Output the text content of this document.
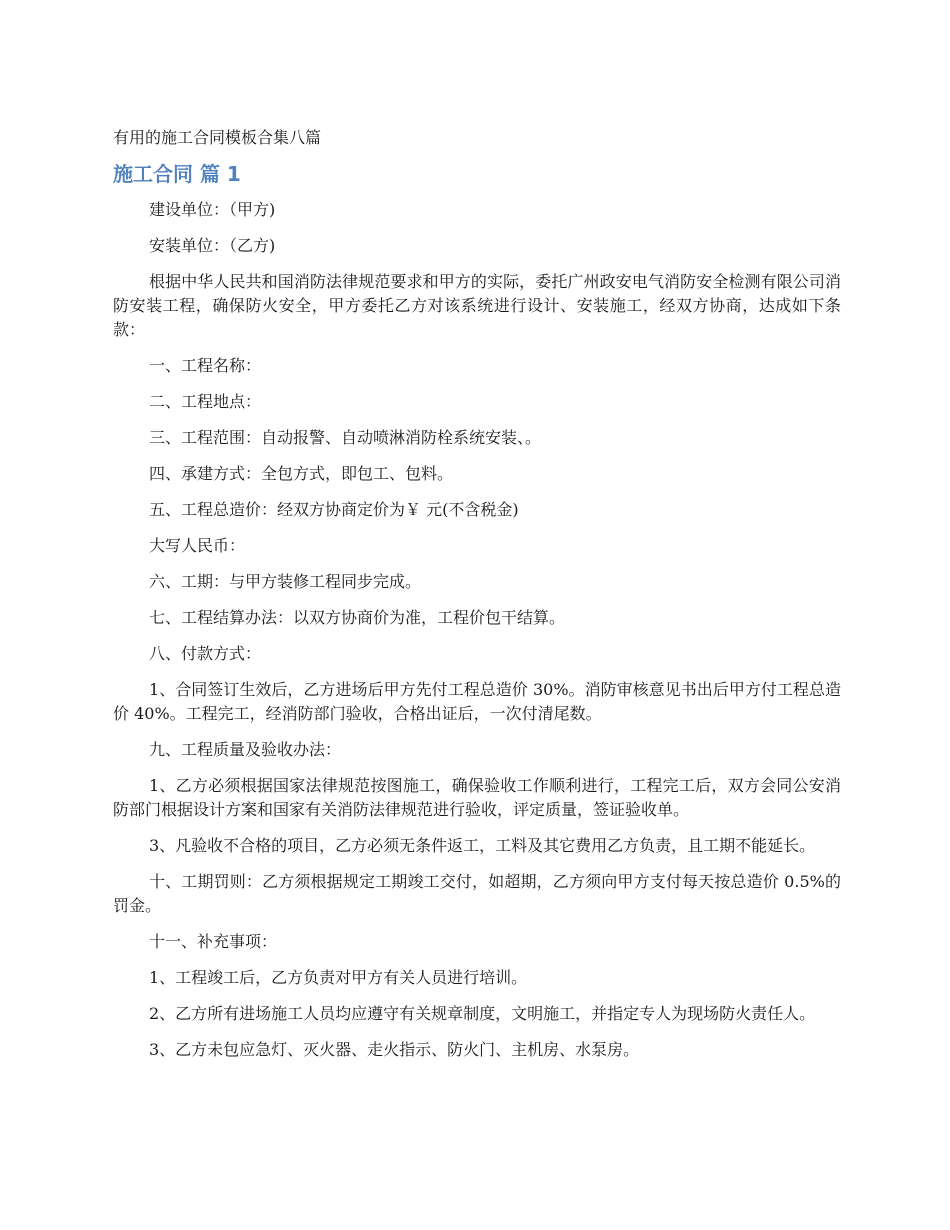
有用的施工合同模板合集八篇
施工合同 篇 1

建设单位：（甲方)

安装单位：（乙方)

根据中华人民共和国消防法律规范要求和甲方的实际，委托广州政安电气消防安全检测有限公司消防安装工程，确保防火安全，甲方委托乙方对该系统进行设计、安装施工，经双方协商，达成如下条款：

一、工程名称：

二、工程地点：

三、工程范围：自动报警、自动喷淋消防栓系统安装、。

四、承建方式：全包方式，即包工、包料。

五、工程总造价：经双方协商定价为￥ 元(不含税金)

大写人民币：

六、工期：与甲方装修工程同步完成。

七、工程结算办法：以双方协商价为准，工程价包干结算。

八、付款方式：

1、合同签订生效后，乙方进场后甲方先付工程总造价 30%。消防审核意见书出后甲方付工程总造价 40%。工程完工，经消防部门验收，合格出证后，一次付清尾数。

九、工程质量及验收办法：

1、乙方必须根据国家法律规范按图施工，确保验收工作顺利进行，工程完工后，双方会同公安消防部门根据设计方案和国家有关消防法律规范进行验收，评定质量，签证验收单。

3、凡验收不合格的项目，乙方必须无条件返工，工料及其它费用乙方负责，且工期不能延长。

十、工期罚则：乙方须根据规定工期竣工交付，如超期，乙方须向甲方支付每天按总造价 0.5%的罚金。

十一、补充事项：

1、工程竣工后，乙方负责对甲方有关人员进行培训。

2、乙方所有进场施工人员均应遵守有关规章制度，文明施工，并指定专人为现场防火责任人。

3、乙方未包应急灯、灭火器、走火指示、防火门、主机房、水泵房。
